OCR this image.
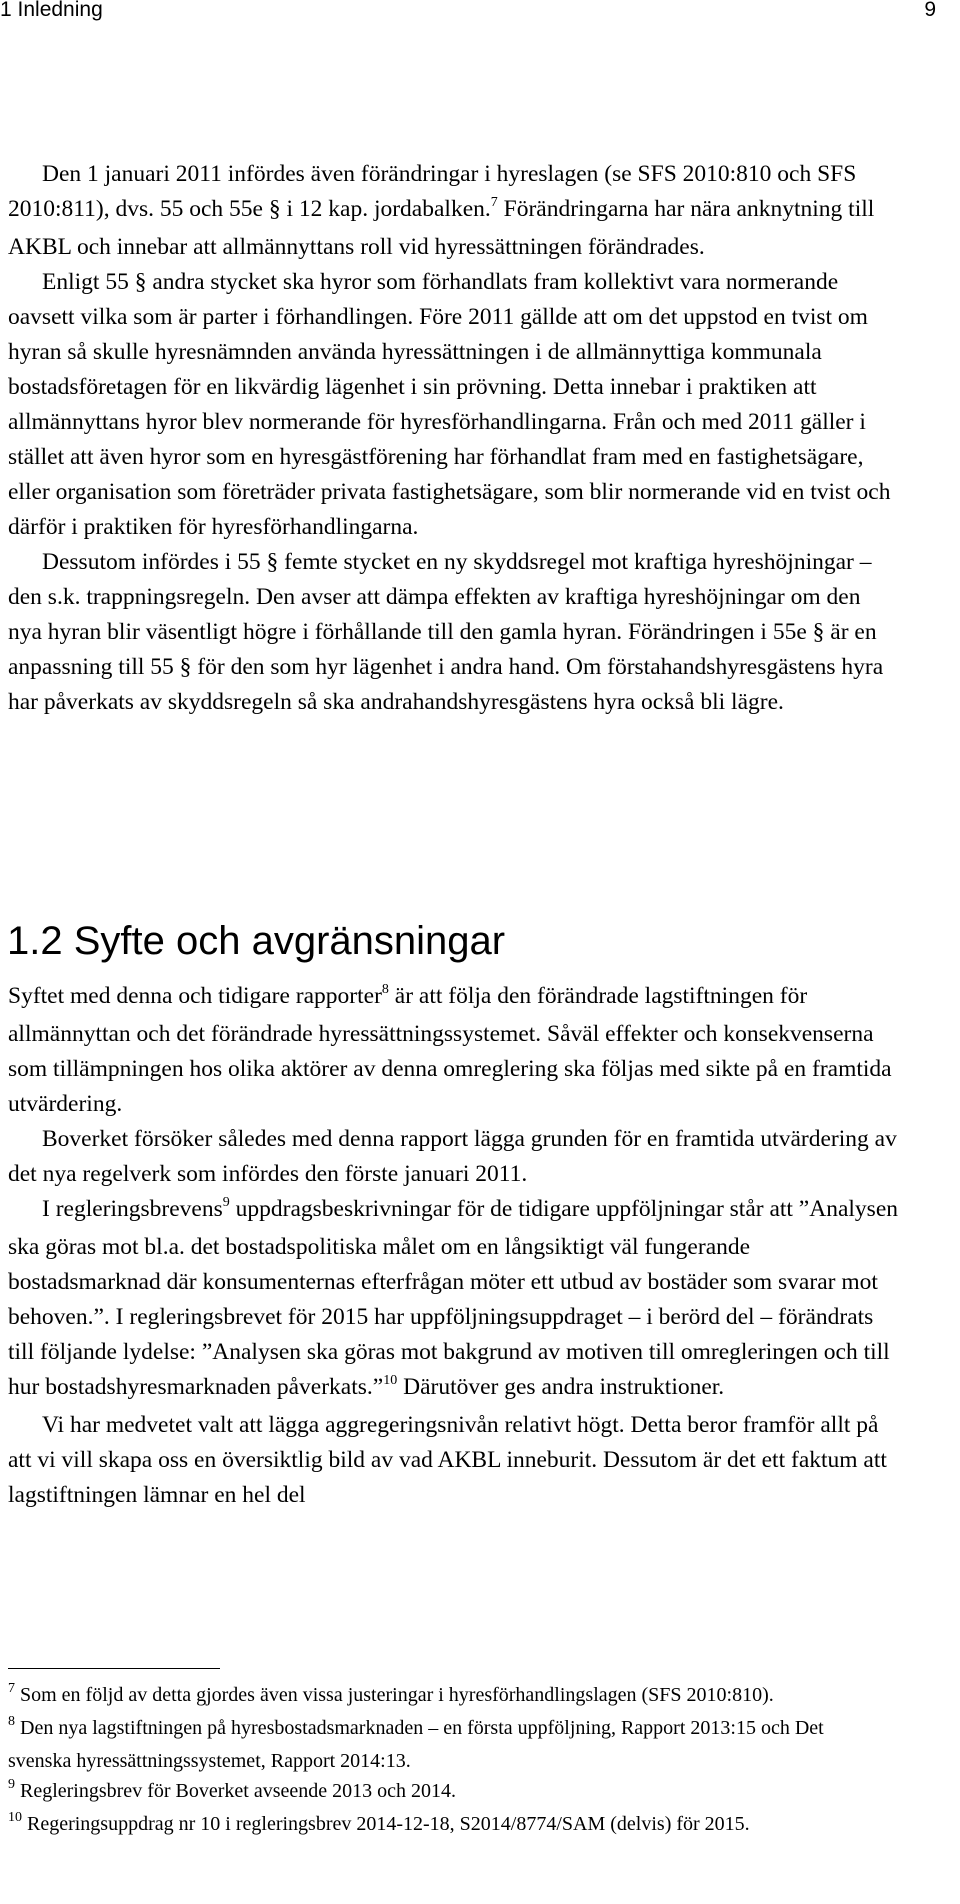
1 Inledning	9

Den 1 januari 2011 infördes även förändringar i hyreslagen (se SFS 2010:810 och SFS 2010:811), dvs. 55 och 55e § i 12 kap. jordabalken.$^7$ Förändringarna har nära anknytning till AKBL och innebar att allmännyttans roll vid hyressättningen förändrades.

Enligt 55 § andra stycket ska hyror som förhandlats fram kollektivt vara normerande oavsett vilka som är parter i förhandlingen. Före 2011 gällde att om det uppstod en tvist om hyran så skulle hyresnämnden använda hyressättningen i de allmännyttiga kommunala bostadsföretagen för en likvärdig lägenhet i sin prövning. Detta innebar i praktiken att allmännyttans hyror blev normerande för hyresförhandlingarna. Från och med 2011 gäller i stället att även hyror som en hyresgästförening har förhandlat fram med en fastighetsägare, eller organisation som företräder privata fastighetsägare, som blir normerande vid en tvist och därför i praktiken för hyresförhandlingarna.

Dessutom infördes i 55 § femte stycket en ny skyddsregel mot kraftiga hyreshöjningar – den s.k. trappningsregeln. Den avser att dämpa effekten av kraftiga hyreshöjningar om den nya hyran blir väsentligt högre i förhållande till den gamla hyran. Förändringen i 55e § är en anpassning till 55 § för den som hyr lägenhet i andra hand. Om förstahandshyresgästens hyra har påverkats av skyddsregeln så ska andrahandshyresgästens hyra också bli lägre.

1.2 Syfte och avgränsningar

Syftet med denna och tidigare rapporter$^8$ är att följa den förändrade lagstiftningen för allmännyttan och det förändrade hyressättningssystemet. Såväl effekter och konsekvenserna som tillämpningen hos olika aktörer av denna omreglering ska följas med sikte på en framtida utvärdering.

Boverket försöker således med denna rapport lägga grunden för en framtida utvärdering av det nya regelverk som infördes den förste januari 2011.

I regleringsbrevens$^9$ uppdragsbeskrivningar för de tidigare uppföljningar står att ”Analysen ska göras mot bl.a. det bostadspolitiska målet om en långsiktigt väl fungerande bostadsmarknad där konsumenternas efterfrågan möter ett utbud av bostäder som svarar mot behoven.”. I regleringsbrevet för 2015 har uppföljningsuppdraget – i berörd del – förändrats till följande lydelse: ”Analysen ska göras mot bakgrund av motiven till omregleringen och till hur bostadshyresmarknaden påverkats.”$^{10}$ Därutöver ges andra instruktioner.

Vi har medvetet valt att lägga aggregeringsnivån relativt högt. Detta beror framför allt på att vi vill skapa oss en översiktlig bild av vad AKBL inneburit. Dessutom är det ett faktum att lagstiftningen lämnar en hel del

$^7$ Som en följd av detta gjordes även vissa justeringar i hyresförhandlingslagen (SFS 2010:810).

$^8$ Den nya lagstiftningen på hyresbostadsmarknaden – en första uppföljning, Rapport 2013:15 och Det svenska hyressättningssystemet, Rapport 2014:13.

$^9$ Regleringsbrev för Boverket avseende 2013 och 2014.

$^{10}$ Regeringsuppdrag nr 10 i regleringsbrev 2014-12-18, S2014/8774/SAM (delvis) för 2015.
